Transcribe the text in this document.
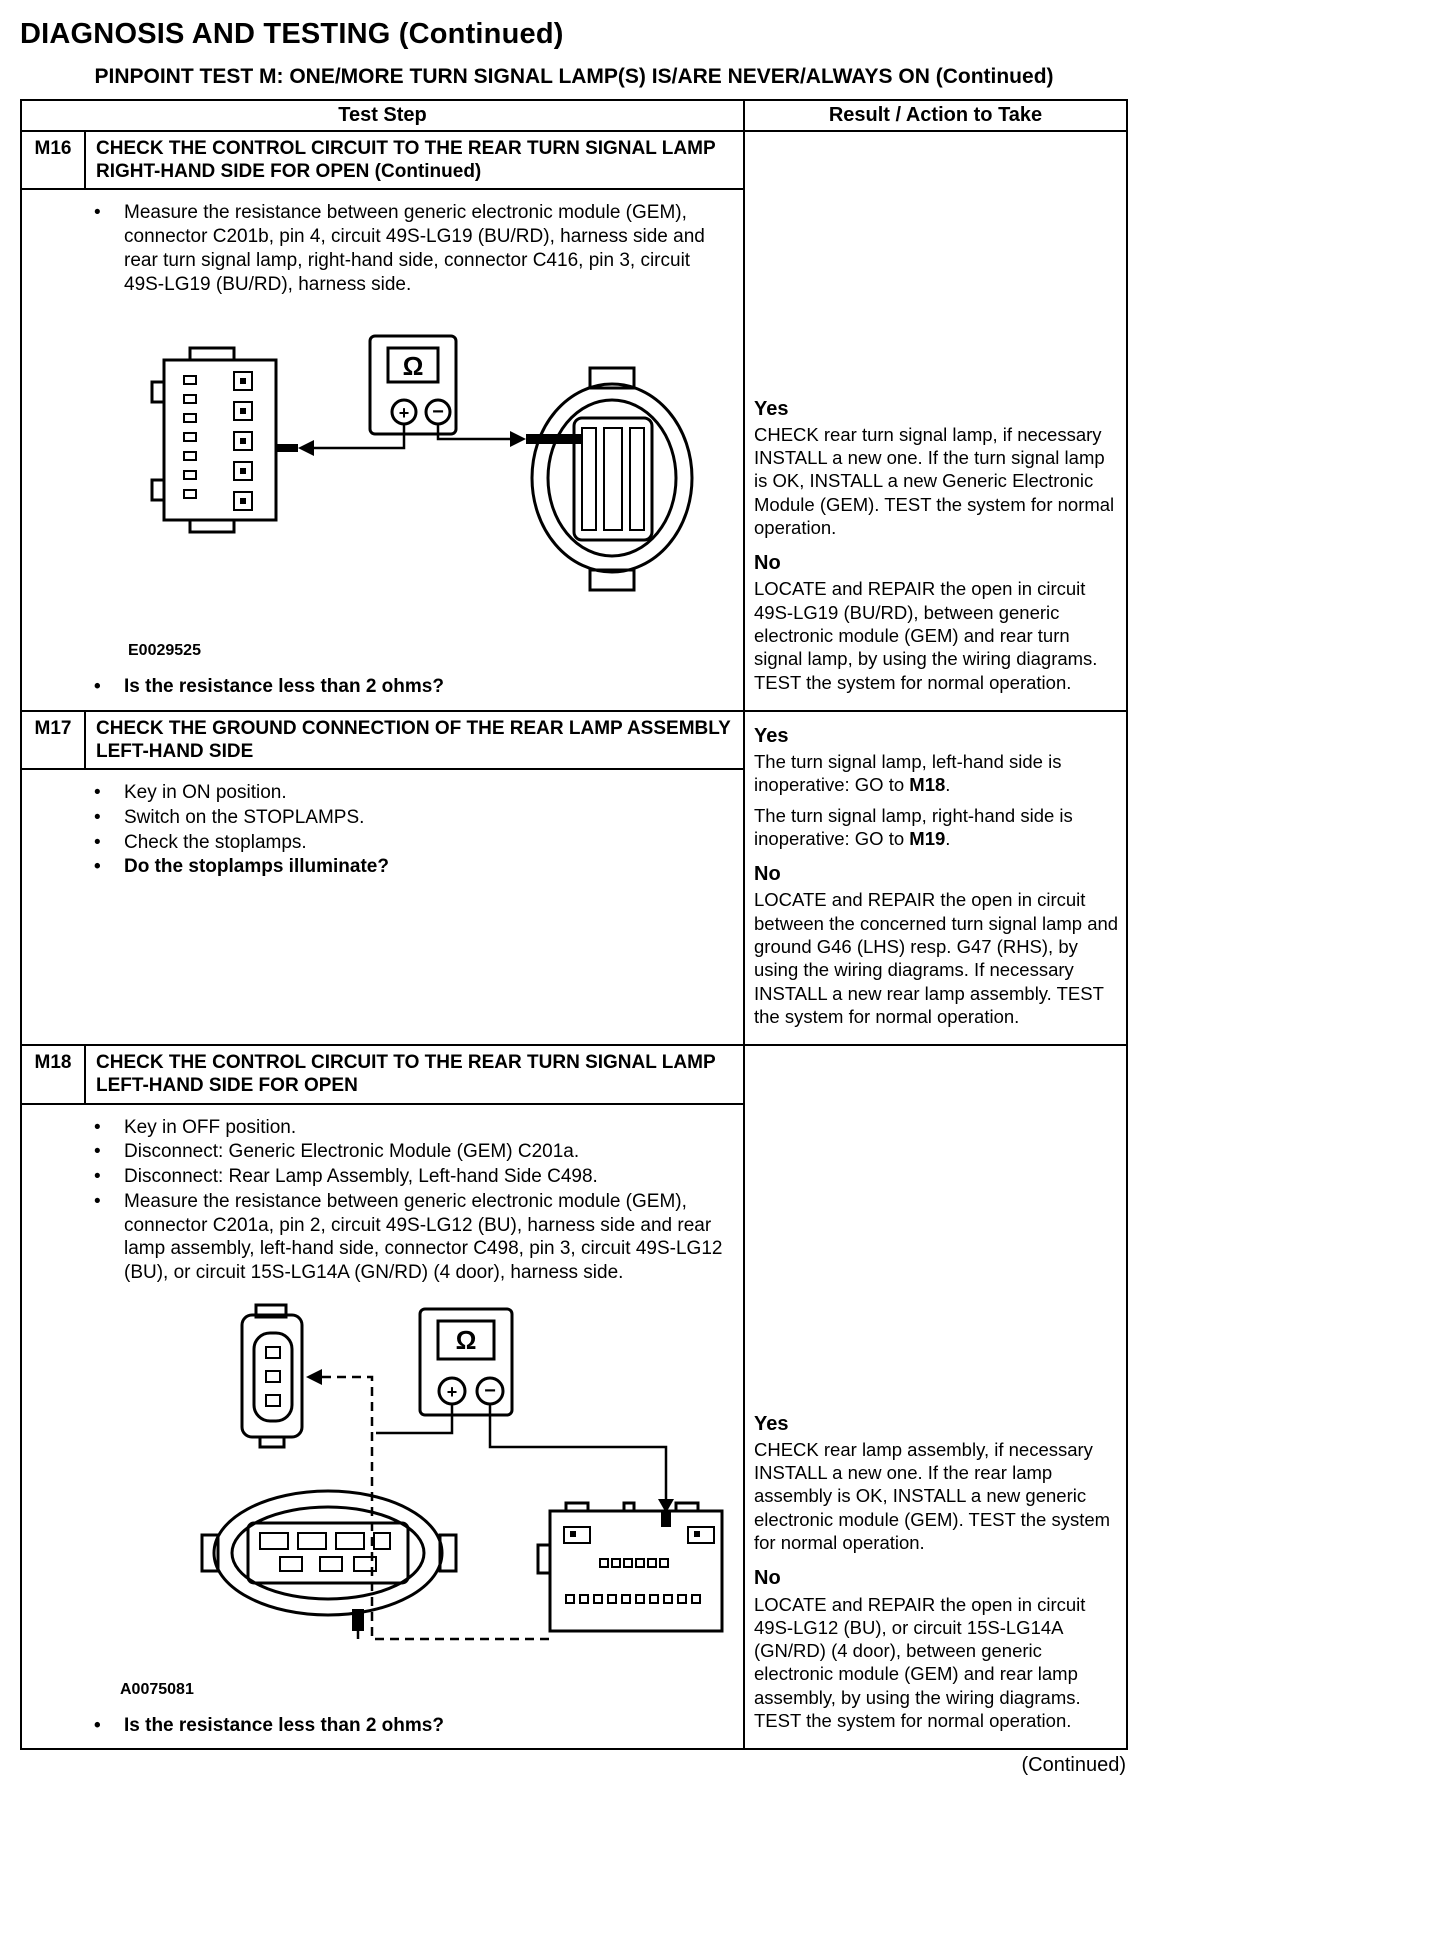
DIAGNOSIS AND TESTING (Continued)
PINPOINT TEST M: ONE/MORE TURN SIGNAL LAMP(S) IS/ARE NEVER/ALWAYS ON (Continued)
Test Step	Result / Action to Take
M16	CHECK THE CONTROL CIRCUIT TO THE REAR TURN SIGNAL LAMP RIGHT-HAND SIDE FOR OPEN (Continued)
•	Measure the resistance between generic electronic module (GEM), connector C201b, pin 4, circuit 49S-LG19 (BU/RD), harness side and rear turn signal lamp, right-hand side, connector C416, pin 3, circuit 49S-LG19 (BU/RD), harness side.
Ω
+ −
E0029525
•	Is the resistance less than 2 ohms?
Yes

CHECK rear turn signal lamp, if necessary INSTALL a new one. If the turn signal lamp is OK, INSTALL a new Generic Electronic Module (GEM). TEST the system for normal operation.

No

LOCATE and REPAIR the open in circuit 49S-LG19 (BU/RD), between generic electronic module (GEM) and rear turn signal lamp, by using the wiring diagrams. TEST the system for normal operation.

M17	CHECK THE GROUND CONNECTION OF THE REAR LAMP ASSEMBLY LEFT-HAND SIDE
•	Key in ON position.
•	Switch on the STOPLAMPS.
•	Check the stoplamps.
•	Do the stoplamps illuminate?
Yes

The turn signal lamp, left-hand side is inoperative: GO to M18.

The turn signal lamp, right-hand side is inoperative: GO to M19.

No

LOCATE and REPAIR the open in circuit between the concerned turn signal lamp and ground G46 (LHS) resp. G47 (RHS), by using the wiring diagrams. If necessary INSTALL a new rear lamp assembly. TEST the system for normal operation.

M18	CHECK THE CONTROL CIRCUIT TO THE REAR TURN SIGNAL LAMP LEFT-HAND SIDE FOR OPEN
•	Key in OFF position.
•	Disconnect: Generic Electronic Module (GEM) C201a.
•	Disconnect: Rear Lamp Assembly, Left-hand Side C498.
•	Measure the resistance between generic electronic module (GEM), connector C201a, pin 2, circuit 49S-LG12 (BU), harness side and rear lamp assembly, left-hand side, connector C498, pin 3, circuit 49S-LG12 (BU), or circuit 15S-LG14A (GN/RD) (4 door), harness side.
Ω
+ −
A0075081
•	Is the resistance less than 2 ohms?
Yes

CHECK rear lamp assembly, if necessary INSTALL a new one. If the rear lamp assembly is OK, INSTALL a new generic electronic module (GEM). TEST the system for normal operation.

No

LOCATE and REPAIR the open in circuit 49S-LG12 (BU), or circuit 15S-LG14A (GN/RD) (4 door), between generic electronic module (GEM) and rear lamp assembly, by using the wiring diagrams. TEST the system for normal operation.

(Continued)
